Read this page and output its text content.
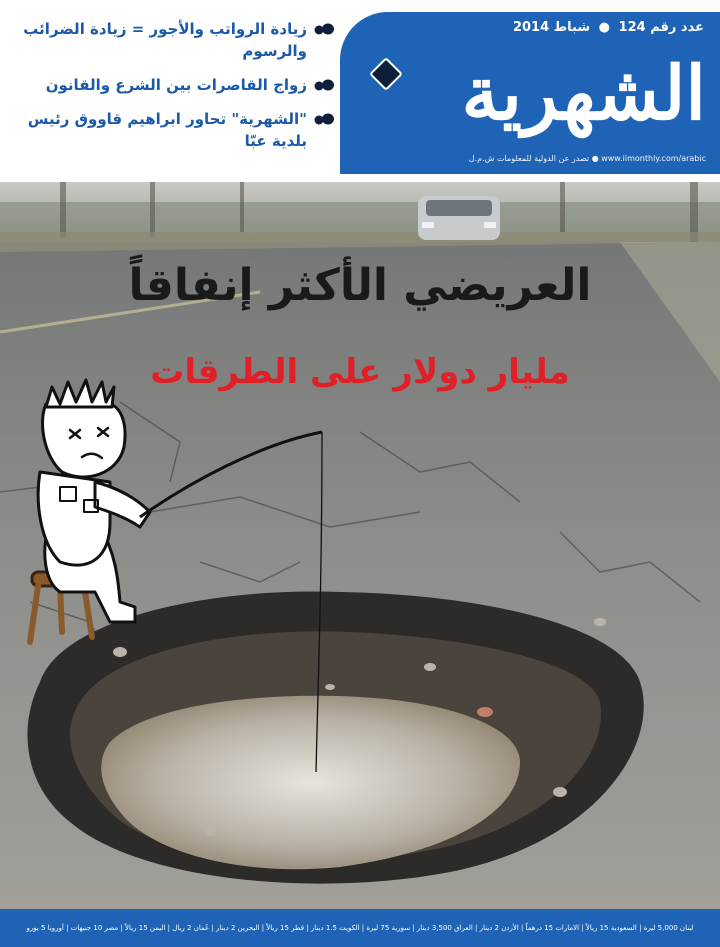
زيادة الرواتب والأجور = زيادة الضرائب والرسوم
زواج القاصرات بين الشرع والقانون
"الشهرية" تحاور ابراهيم قاووق رئيس بلدية عبّا
عدد رقم 124 ● شباط 2014
الشهرية
www.iimonthly.com/arabic ● تصدر عن الدولية للمعلومات ش.م.ل
العريضي الأكثر إنفاقاً
مليار دولار على الطرقات
لبنان 5,000 ليرة | السعودية 15 ريالاً | الامارات 15 درهماً | الأردن 2 دينار | العراق 3,500 دينار | سورية 75 ليرة | الكويت 1.5 دينار | قطر 15 ريالاً | البحرين 2 دينار | عُمان 2 ريال | اليمن 15 ريالاً | مصر 10 جنيهات | أوروبا 5 يورو
